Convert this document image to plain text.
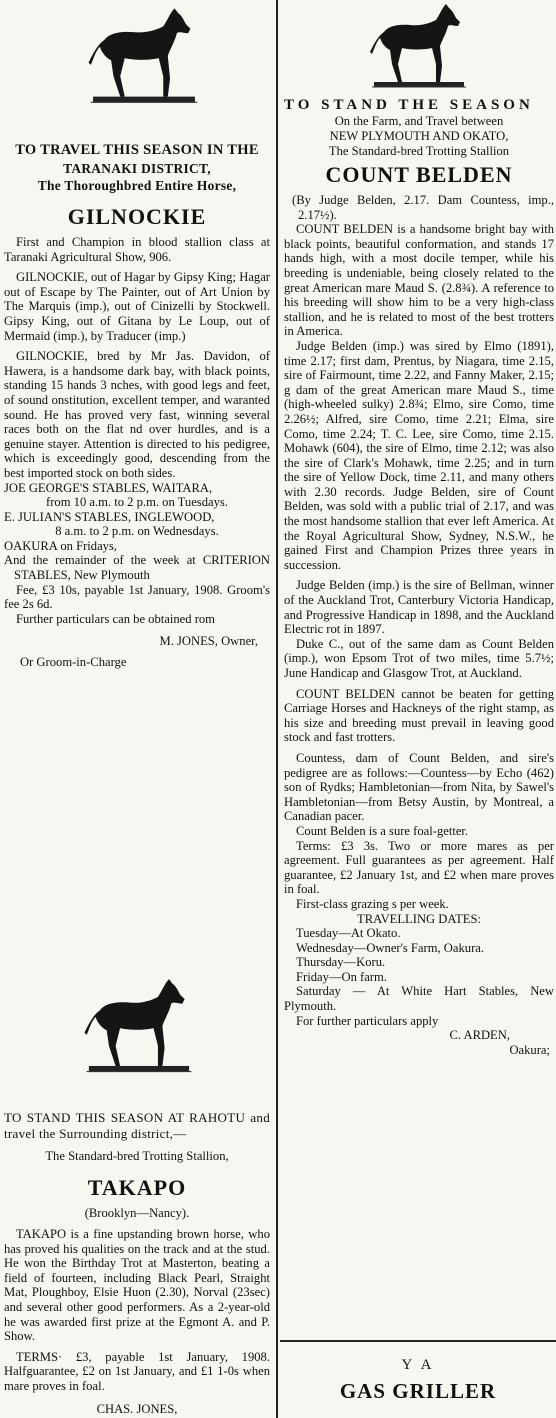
TO TRAVEL THIS SEASON IN THE

TARANAKI DISTRICT,

The Thoroughbred Entire Horse,

GILNOCKIE

First and Champion in blood stallion class at Taranaki Agricultural Show, 906.

GILNOCKIE, out of Hagar by Gipsy King; Hagar out of Escape by The Painter, out of Art Union by The Marquis (imp.), out of Cinizelli by Stockwell. Gipsy King, out of Gitana by Le Loup, out of Mermaid (imp.), by Traducer (imp.)

GILNOCKIE, bred by Mr Jas. Davidon, of Hawera, is a handsome dark bay, with black points, standing 15 hands 3 nches, with good legs and feet, of sound onstitution, excellent temper, and waranted sound. He has proved very fast, winning several races both on the flat nd over hurdles, and is a genuine stayer. Attention is directed to his pedigree, which is exceedingly good, descending from the best imported stock on both sides.

JOE GEORGE'S STABLES, WAITARA,

from 10 a.m. to 2 p.m. on Tuesdays.

E. JULIAN'S STABLES, INGLEWOOD,

8 a.m. to 2 p.m. on Wednesdays.

OAKURA on Fridays,

And the remainder of the week at CRITERION STABLES, New Plymouth

Fee, £3 10s, payable 1st January, 1908. Groom's fee 2s 6d.

Further particulars can be obtained rom

M. JONES, Owner,

Or Groom-in-Charge

TO STAND THIS SEASON AT RAHOTU and travel the Surrounding district,—

The Standard-bred Trotting Stallion,

TAKAPO

(Brooklyn—Nancy).

TAKAPO is a fine upstanding brown horse, who has proved his qualities on the track and at the stud. He won the Birthday Trot at Masterton, beating a field of fourteen, including Black Pearl, Straight Mat, Ploughboy, Elsie Huon (2.30), Norval (23sec) and several other good performers. As a 2-year-old he was awarded first prize at the Egmont A. and P. Show.

TERMS· £3, payable 1st January, 1908. Halfguarantee, £2 on 1st January, and £1 1-0s when mare proves in foal.

CHAS. JONES,

TO STAND THE SEASON

On the Farm, and Travel between

NEW PLYMOUTH AND OKATO,

The Standard-bred Trotting Stallion

COUNT BELDEN

(By Judge Belden, 2.17. Dam Countess, imp., 2.17½).

COUNT BELDEN is a handsome bright bay with black points, beautiful conformation, and stands 17 hands high, with a most docile temper, while his breeding is undeniable, being closely related to the great American mare Maud S. (2.8¾). A reference to his breeding will show him to be a very high-class stallion, and he is related to most of the best trotters in America.

Judge Belden (imp.) was sired by Elmo (1891), time 2.17; first dam, Prentus, by Niagara, time 2.15, sire of Fairmount, time 2.22, and Fanny Maker, 2.15; g dam of the great American mare Maud S., time (high-wheeled sulky) 2.8¾; Elmo, sire Como, time 2.26½; Alfred, sire Como, time 2.21; Elma, sire Como, time 2.24; T. C. Lee, sire Como, time 2.15. Mohawk (604), the sire of Elmo, time 2.12; was also the sire of Clark's Mohawk, time 2.25; and in turn the sire of Yellow Dock, time 2.11, and many others with 2.30 records. Judge Belden, sire of Count Belden, was sold with a public trial of 2.17, and was the most handsome stallion that ever left America. At the Royal Agricultural Show, Sydney, N.S.W., he gained First and Champion Prizes three years in succession.

Judge Belden (imp.) is the sire of Bellman, winner of the Auckland Trot, Canterbury Victoria Handicap, and Progressive Handicap in 1898, and the Auckland Electric rot in 1897.

Duke C., out of the same dam as Count Belden (imp.), won Epsom Trot of two miles, time 5.7½; June Handicap and Glasgow Trot, at Auckland.

COUNT BELDEN cannot be beaten for getting Carriage Horses and Hackneys of the right stamp, as his size and breeding must prevail in leaving good stock and fast trotters.

Countess, dam of Count Belden, and sire's pedigree are as follows:—Countess—by Echo (462) son of Rydks; Hambletonian—from Nita, by Sawel's Hambletonian—from Betsy Austin, by Montreal, a Canadian pacer.

Count Belden is a sure foal-getter.

Terms: £3 3s. Two or more mares as per agreement. Full guarantees as per agreement. Half guarantee, £2 January 1st, and £2 when mare proves in foal.

First-class grazing s per week.

TRAVELLING DATES:

Tuesday—At Okato.

Wednesday—Owner's Farm, Oakura.

Thursday—Koru.

Friday—On farm.

Saturday — At White Hart Stables, New Plymouth.

For further particulars apply

C. ARDEN,

Oakura;

Y A

GAS GRILLER
